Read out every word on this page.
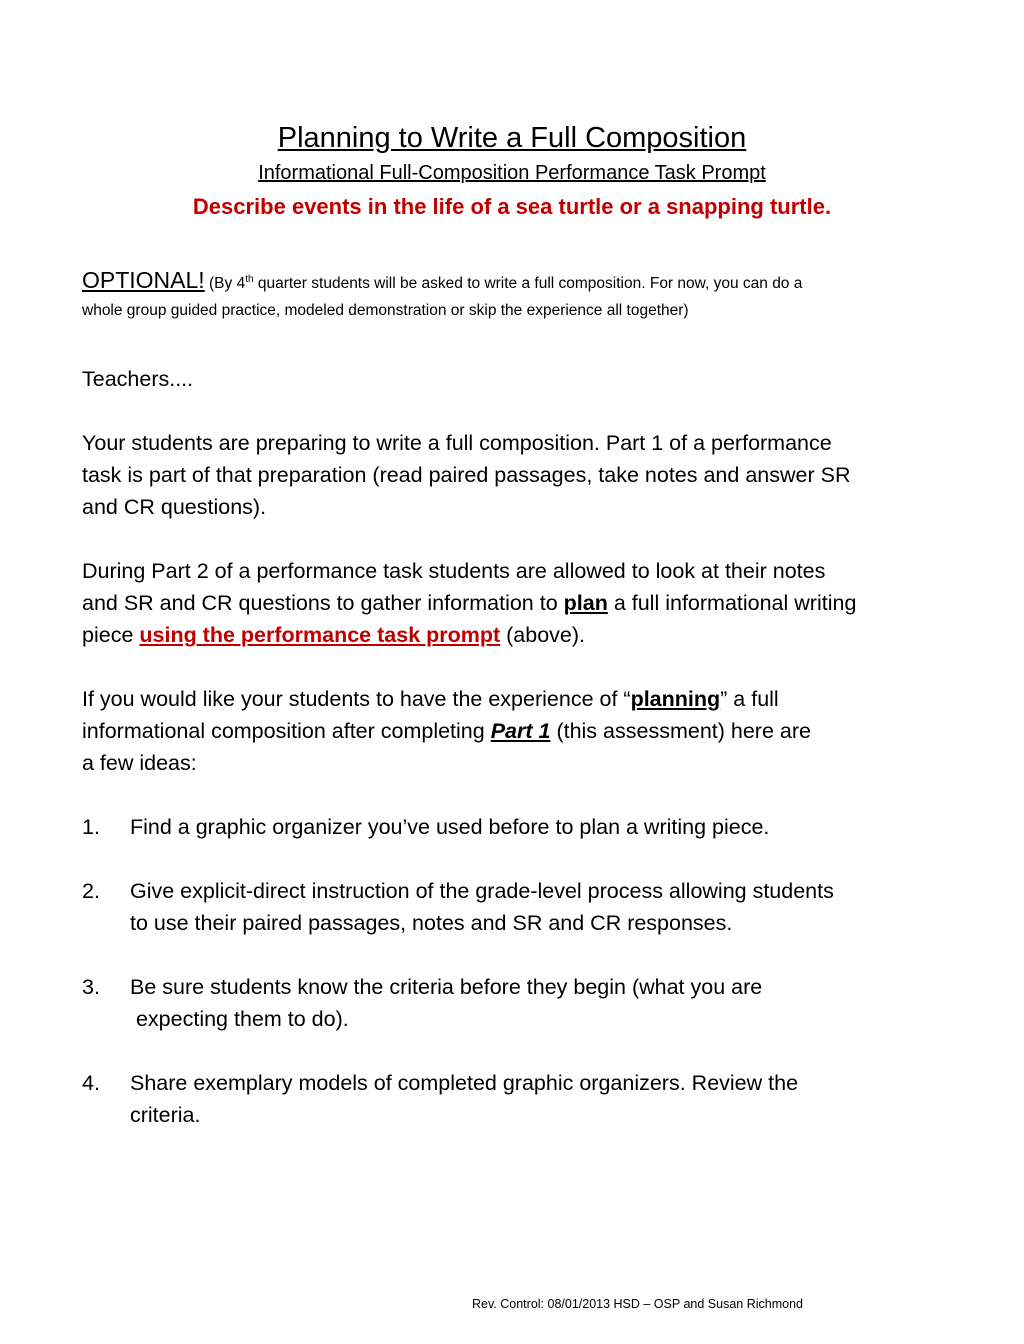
Planning to Write a Full Composition
Informational Full-Composition Performance Task Prompt
Describe events in the life of a sea turtle or a snapping turtle.
OPTIONAL! (By 4th quarter students will be asked to write a full composition. For now, you can do a
whole group guided practice, modeled demonstration or skip the experience all together)
Teachers....
Your students are preparing to write a full composition. Part 1 of a performance
task is part of that preparation (read paired passages, take notes and answer SR
and CR questions).
During Part 2 of a performance task students are allowed to look at their notes
and SR and CR questions to gather information to plan a full informational writing
piece using the performance task prompt (above).
If you would like your students to have the experience of “planning” a full
informational composition after completing Part 1 (this assessment) here are
a few ideas:
1. Find a graphic organizer you’ve used before to plan a writing piece.
2. Give explicit-direct instruction of the grade-level process allowing students
to use their paired passages, notes and SR and CR responses.
3. Be sure students know the criteria before they begin (what you are
expecting them to do).
4. Share exemplary models of completed graphic organizers. Review the
criteria.
Rev. Control: 08/01/2013 HSD – OSP and Susan Richmond
